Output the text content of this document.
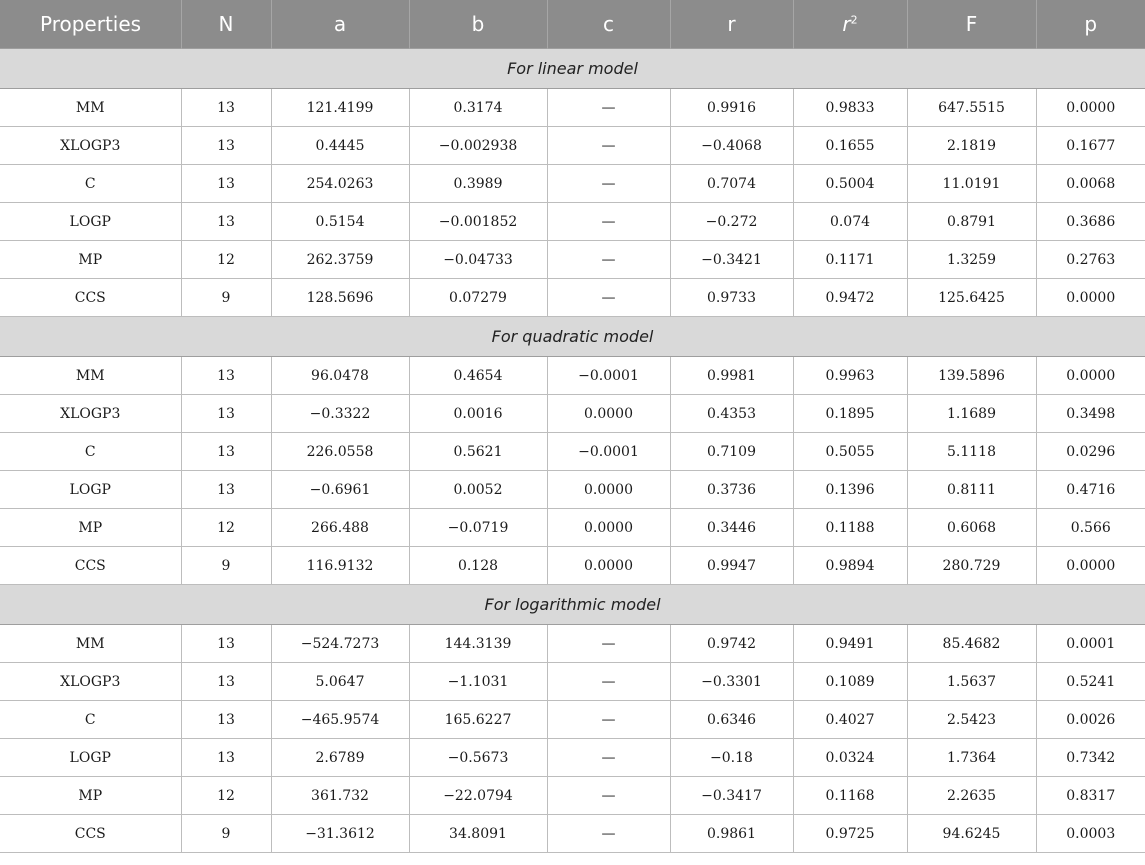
Properties	N	a	b	c	r	$r^2$	F	p
For linear model								
MM	13	121.4199	0.3174	—	0.9916	0.9833	647.5515	0.0000
XLOGP3	13	0.4445	−0.002938	—	−0.4068	0.1655	2.1819	0.1677
C	13	254.0263	0.3989	—	0.7074	0.5004	11.0191	0.0068
LOGP	13	0.5154	−0.001852	—	−0.272	0.074	0.8791	0.3686
MP	12	262.3759	−0.04733	—	−0.3421	0.1171	1.3259	0.2763
CCS	9	128.5696	0.07279	—	0.9733	0.9472	125.6425	0.0000
For quadratic model								
MM	13	96.0478	0.4654	−0.0001	0.9981	0.9963	139.5896	0.0000
XLOGP3	13	−0.3322	0.0016	0.0000	0.4353	0.1895	1.1689	0.3498
C	13	226.0558	0.5621	−0.0001	0.7109	0.5055	5.1118	0.0296
LOGP	13	−0.6961	0.0052	0.0000	0.3736	0.1396	0.8111	0.4716
MP	12	266.488	−0.0719	0.0000	0.3446	0.1188	0.6068	0.566
CCS	9	116.9132	0.128	0.0000	0.9947	0.9894	280.729	0.0000
For logarithmic model								
MM	13	−524.7273	144.3139	—	0.9742	0.9491	85.4682	0.0001
XLOGP3	13	5.0647	−1.1031	—	−0.3301	0.1089	1.5637	0.5241
C	13	−465.9574	165.6227	—	0.6346	0.4027	2.5423	0.0026
LOGP	13	2.6789	−0.5673	—	−0.18	0.0324	1.7364	0.7342
MP	12	361.732	−22.0794	—	−0.3417	0.1168	2.2635	0.8317
CCS	9	−31.3612	34.8091	—	0.9861	0.9725	94.6245	0.0003
